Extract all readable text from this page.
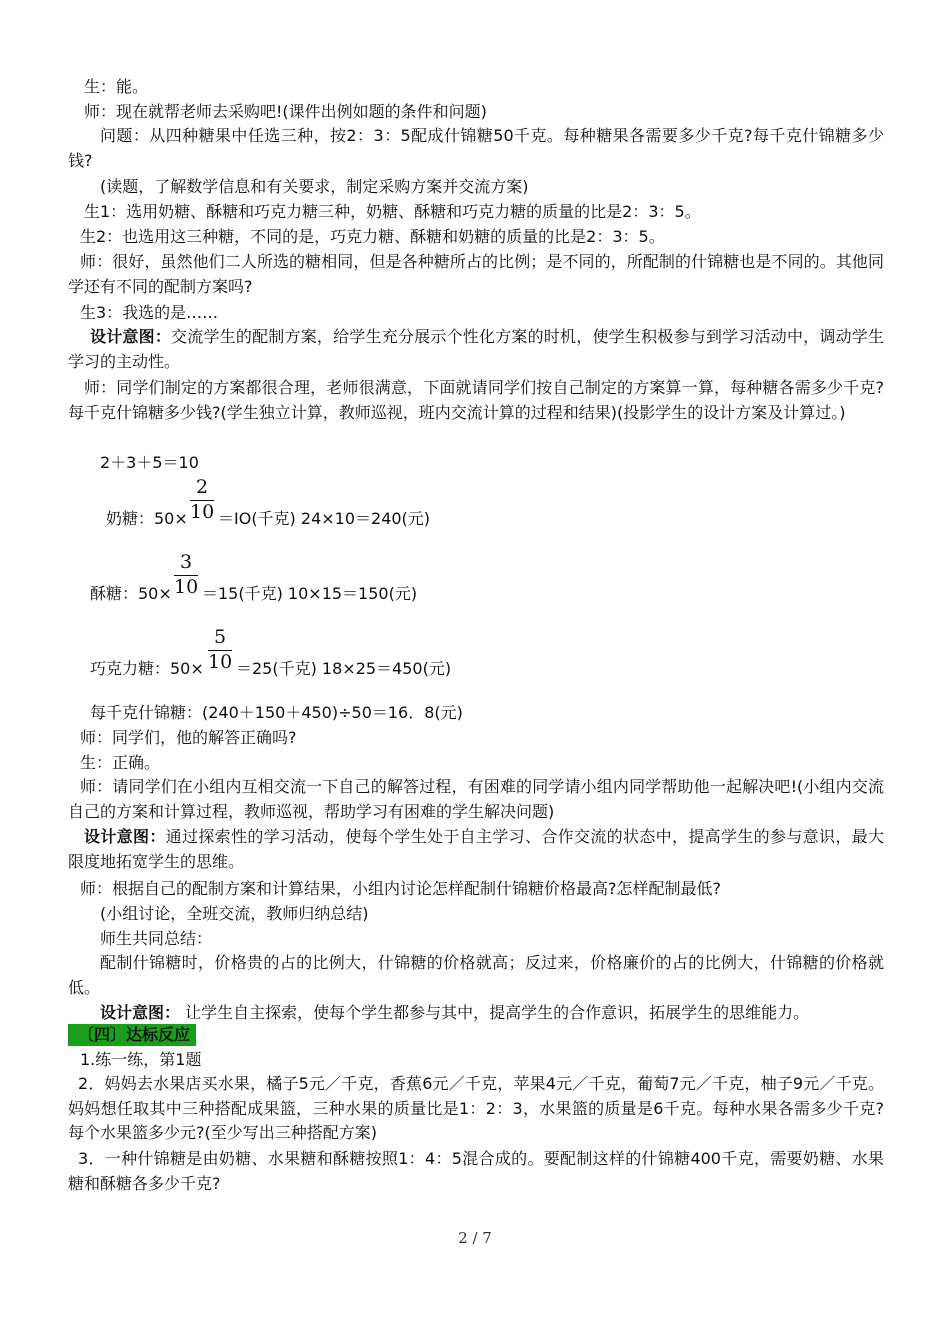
生：能。
师：现在就帮老师去采购吧!(课件出例如题的条件和问题)
问题：从四种糖果中任选三种，按2：3：5配成什锦糖50千克。每种糖果各需要多少千克?每千克什锦糖多少钱?
(读题，了解数学信息和有关要求，制定采购方案并交流方案)
生1：选用奶糖、酥糖和巧克力糖三种，奶糖、酥糖和巧克力糖的质量的比是2：3：5。
生2：也选用这三种糖，不同的是，巧克力糖、酥糖和奶糖的质量的比是2：3：5。
师：很好，虽然他们二人所选的糖相同，但是各种糖所占的比例；是不同的，所配制的什锦糖也是不同的。其他同学还有不同的配制方案吗?
生3：我选的是……
设计意图：交流学生的配制方案，给学生充分展示个性化方案的时机，使学生积极参与到学习活动中，调动学生学习的主动性。
师：同学们制定的方案都很合理，老师很满意，下面就请同学们按自己制定的方案算一算，每种糖各需多少千克?每千克什锦糖多少钱?(学生独立计算，教师巡视，班内交流计算的过程和结果)(投影学生的设计方案及计算过。)
2＋3＋5＝10
奶糖：50×
2
10 ＝IO(千克) 24×10＝240(元)
酥糖：50×
3
10 ＝15(千克) 10×15＝150(元)
巧克力糖：50×
5
10 ＝25(千克) 18×25＝450(元)
每千克什锦糖：(240＋150＋450)÷50＝16．8(元)
师：同学们，他的解答正确吗?
生：正确。
师：请同学们在小组内互相交流一下自己的解答过程，有困难的同学请小组内同学帮助他一起解决吧!(小组内交流自己的方案和计算过程，教师巡视，帮助学习有困难的学生解决问题)
设计意图：通过探索性的学习活动，使每个学生处于自主学习、合作交流的状态中，提高学生的参与意识，最大限度地拓宽学生的思维。
师：根据自己的配制方案和计算结果，小组内讨论怎样配制什锦糖价格最高?怎样配制最低?
(小组讨论，全班交流，教师归纳总结)
师生共同总结：
配制什锦糖时，价格贵的占的比例大，什锦糖的价格就高；反过来，价格廉价的占的比例大，什锦糖的价格就低。
设计意图： 让学生自主探索，使每个学生都参与其中，提高学生的合作意识，拓展学生的思维能力。
〔四〕达标反应
1.练一练，第1题
2．妈妈去水果店买水果，橘子5元／千克，香蕉6元／千克，苹果4元／千克，葡萄7元／千克，柚子9元／千克。妈妈想任取其中三种搭配成果篮，三种水果的质量比是1：2：3，水果篮的质量是6千克。每种水果各需多少千克?每个水果篮多少元?(至少写出三种搭配方案)
3．一种什锦糖是由奶糖、水果糖和酥糖按照1：4：5混合成的。要配制这样的什锦糖400千克，需要奶糖、水果糖和酥糖各多少千克?
2 / 7
